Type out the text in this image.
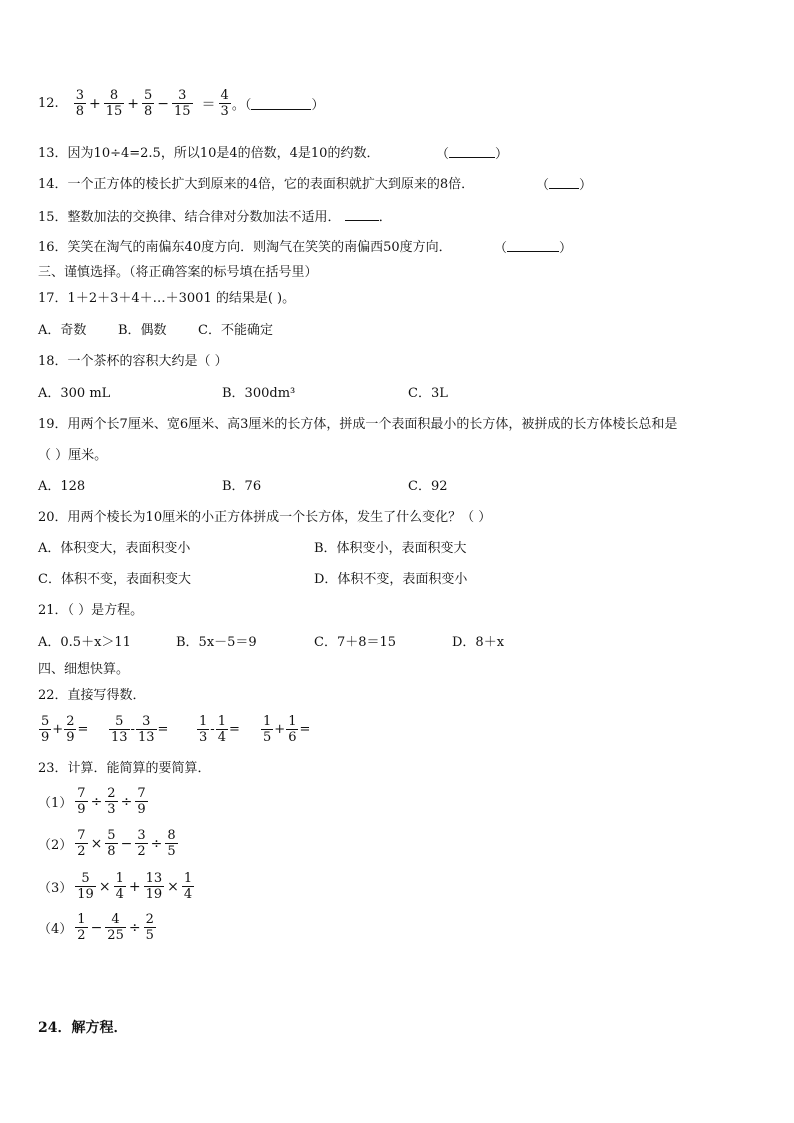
12. $\frac{3}{8} + \frac{8}{15} + \frac{5}{8} - \frac{3}{15} = \frac{4}{3}$ 。（	）
13．因为10÷4=2.5，所以10是4的倍数，4是10的约数．	（	）
14．一个正方体的棱长扩大到原来的4倍，它的表面积就扩大到原来的8倍．	（ ）
15．整数加法的交换律、结合律对分数加法不适用．	．
16．笑笑在淘气的南偏东40度方向．则淘气在笑笑的南偏西50度方向．	（	）
三、谨慎选择。（将正确答案的标号填在括号里）
17．1＋2＋3＋4＋…＋3001 的结果是( )。
A．奇数 B．偶数 C．不能确定
18．一个茶杯的容积大约是（ ）
A．300 mL	B．300dm³	C．3L
19．用两个长7厘米、宽6厘米、高3厘米的长方体，拼成一个表面积最小的长方体，被拼成的长方体棱长总和是
（ ）厘米。
A．128	B．76	C．92
20．用两个棱长为10厘米的小正方体拼成一个长方体，发生了什么变化？（ ）
A．体积变大，表面积变小	B．体积变小，表面积变大
C．体积不变，表面积变大	D．体积不变，表面积变小
21．（ ）是方程。
A．0.5＋x＞11	B．5x－5＝9	C．7＋8＝15	D．8＋x
四、细想快算。
22．直接写得数．
$\frac{5}{9} + \frac{2}{9} = \frac{5}{13} - \frac{3}{13} = \frac{1}{3} - \frac{1}{4} = \frac{1}{5} + \frac{1}{6}$ =
23．计算．能简算的要简算．
$(1) \frac{7}{9} \div \frac{2}{3} \div \frac{7}{9}$
$(2) \frac{7}{2} \times \frac{5}{8} - \frac{3}{2} \div \frac{8}{5}$
$(3) \frac{5}{19} \times \frac{1}{4} + \frac{13}{19} \times \frac{1}{4}$
$(4) \frac{1}{2} - \frac{4}{25} \div \frac{2}{5}$
24．解方程．
